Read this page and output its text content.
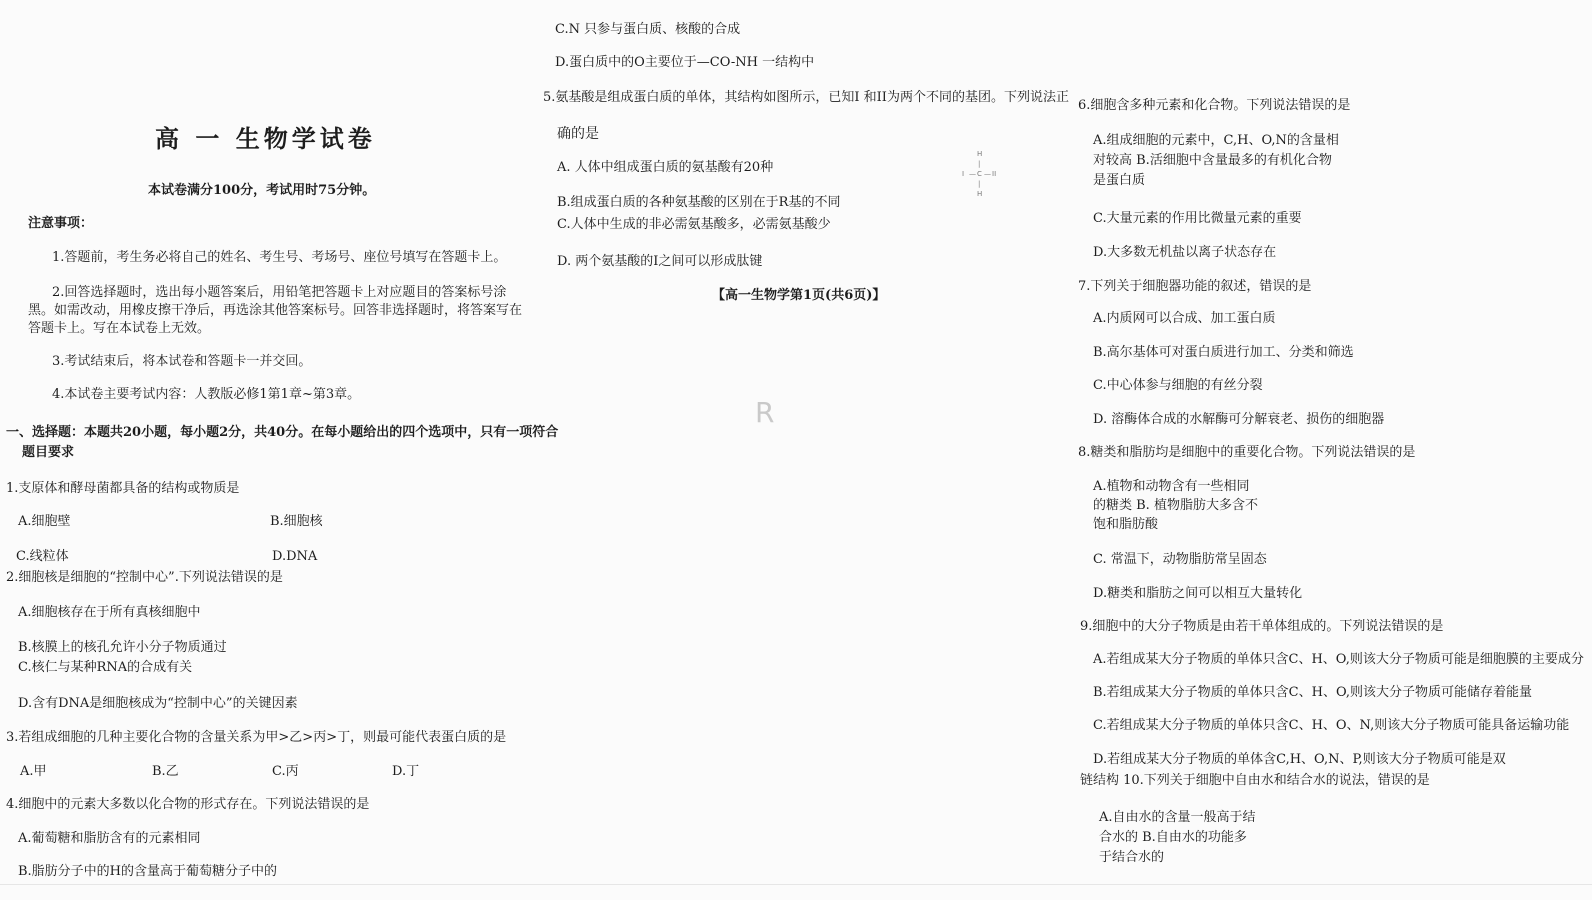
高 一 生物学试卷
本试卷满分100分，考试用时75分钟。
注意事项：
1.答题前，考生务必将自己的姓名、考生号、考场号、座位号填写在答题卡上。
2.回答选择题时，选出每小题答案后，用铅笔把答题卡上对应题目的答案标号涂
黑。如需改动，用橡皮擦干净后，再选涂其他答案标号。回答非选择题时，将答案写在
答题卡上。写在本试卷上无效。
3.考试结束后，将本试卷和答题卡一并交回。
4.本试卷主要考试内容：人教版必修1第1章~第3章。
一、选择题：本题共20小题，每小题2分，共40分。在每小题给出的四个选项中，只有一项符合
题目要求
1.支原体和酵母菌都具备的结构或物质是
A.细胞壁	B.细胞核
C.线粒体	D.DNA
2.细胞核是细胞的“控制中心”.下列说法错误的是
A.细胞核存在于所有真核细胞中
B.核膜上的核孔允许小分子物质通过
C.核仁与某种RNA的合成有关
D.含有DNA是细胞核成为“控制中心”的关键因素
3.若组成细胞的几种主要化合物的含量关系为甲>乙>丙>丁，则最可能代表蛋白质的是
A.甲	B.乙	C.丙	D.丁
4.细胞中的元素大多数以化合物的形式存在。下列说法错误的是
A.葡萄糖和脂肪含有的元素相同
B.脂肪分子中的H的含量高于葡萄糖分子中的
C.N 只参与蛋白质、核酸的合成
D.蛋白质中的O主要位于—CO-NH 一结构中
5.氨基酸是组成蛋白质的单体，其结构如图所示，已知I 和II为两个不同的基团。下列说法正
确的是
A. 人体中组成蛋白质的氨基酸有20种
B.组成蛋白质的各种氨基酸的区别在于R基的不同
C.人体中生成的非必需氨基酸多，必需氨基酸少
D. 两个氨基酸的I之间可以形成肽键
【高一生物学第1页(共6页)】
H
I — C — II
|
|
H
R
6.细胞含多种元素和化合物。下列说法错误的是
A.组成细胞的元素中，C,H、O,N的含量相
对较高 B.活细胞中含量最多的有机化合物
是蛋白质
C.大量元素的作用比微量元素的重要
D.大多数无机盐以离子状态存在
7.下列关于细胞器功能的叙述，错误的是
A.内质网可以合成、加工蛋白质
B.高尔基体可对蛋白质进行加工、分类和筛选
C.中心体参与细胞的有丝分裂
D. 溶酶体合成的水解酶可分解衰老、损伤的细胞器
8.糖类和脂肪均是细胞中的重要化合物。下列说法错误的是
A.植物和动物含有一些相同
的糖类 B. 植物脂肪大多含不
饱和脂肪酸
C. 常温下，动物脂肪常呈固态
D.糖类和脂肪之间可以相互大量转化
9.细胞中的大分子物质是由若干单体组成的。下列说法错误的是
A.若组成某大分子物质的单体只含C、H、O,则该大分子物质可能是细胞膜的主要成分
B.若组成某大分子物质的单体只含C、H、O,则该大分子物质可能储存着能量
C.若组成某大分子物质的单体只含C、H、O、N,则该大分子物质可能具备运输功能
D.若组成某大分子物质的单体含C,H、O,N、P,则该大分子物质可能是双
链结构 10.下列关于细胞中自由水和结合水的说法，错误的是
A.自由水的含量一般高于结
合水的 B.自由水的功能多
于结合水的
